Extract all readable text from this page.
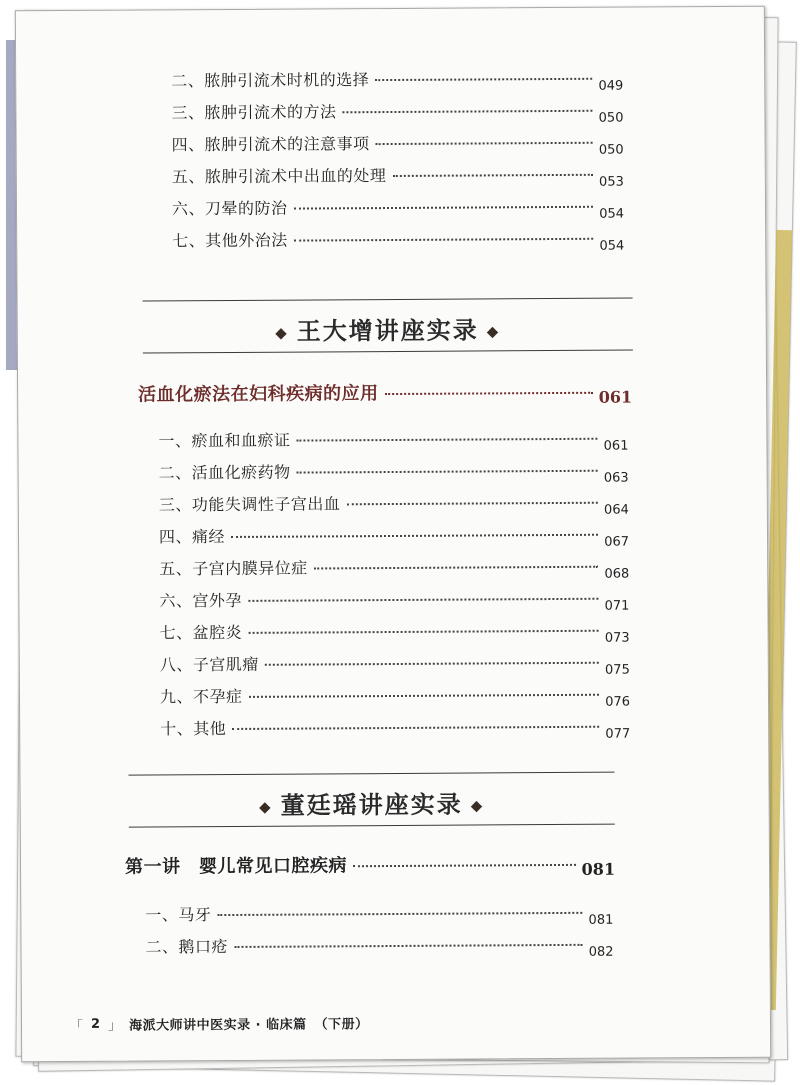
二、脓肿引流术时机的选择	049
三、脓肿引流术的方法	050
四、脓肿引流术的注意事项	050
五、脓肿引流术中出血的处理	053
六、刀晕的防治	054
七、其他外治法	054
◆ 王大增讲座实录 ◆
活血化瘀法在妇科疾病的应用	061
一、瘀血和血瘀证	061
二、活血化瘀药物	063
三、功能失调性子宫出血	064
四、痛经	067
五、子宫内膜异位症	068
六、宫外孕	071
七、盆腔炎	073
八、子宫肌瘤	075
九、不孕症	076
十、其他	077
◆ 董廷瑶讲座实录 ◆
第一讲　婴儿常见口腔疾病	081
一、马牙	081
二、鹅口疮	082
「 2 」 海派大师讲中医实录 · 临床篇 （下册）
